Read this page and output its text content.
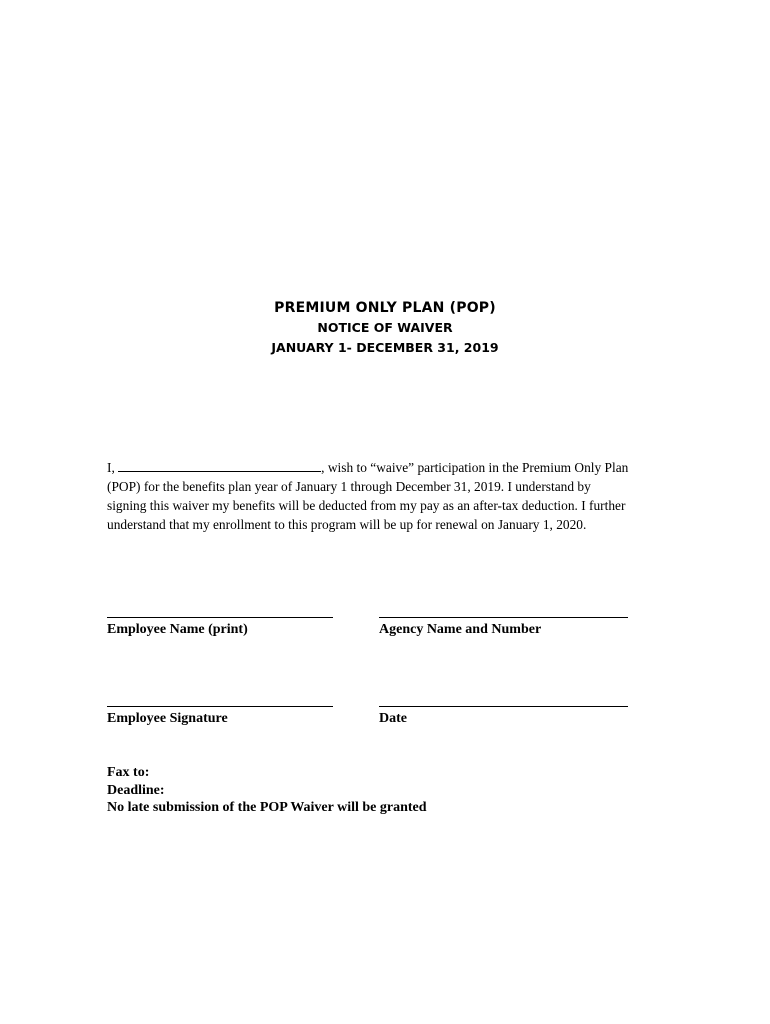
PREMIUM ONLY PLAN (POP)
NOTICE OF WAIVER
JANUARY 1- DECEMBER 31, 2019
I,	, wish to “waive” participation in the Premium Only Plan
(POP) for the benefits plan year of January 1 through December 31, 2019. I understand by
signing this waiver my benefits will be deducted from my pay as an after-tax deduction. I further
understand that my enrollment to this program will be up for renewal on January 1, 2020.
Employee Name (print)	Agency Name and Number
Employee Signature	Date
Fax to:
Deadline:
No late submission of the POP Waiver will be granted
